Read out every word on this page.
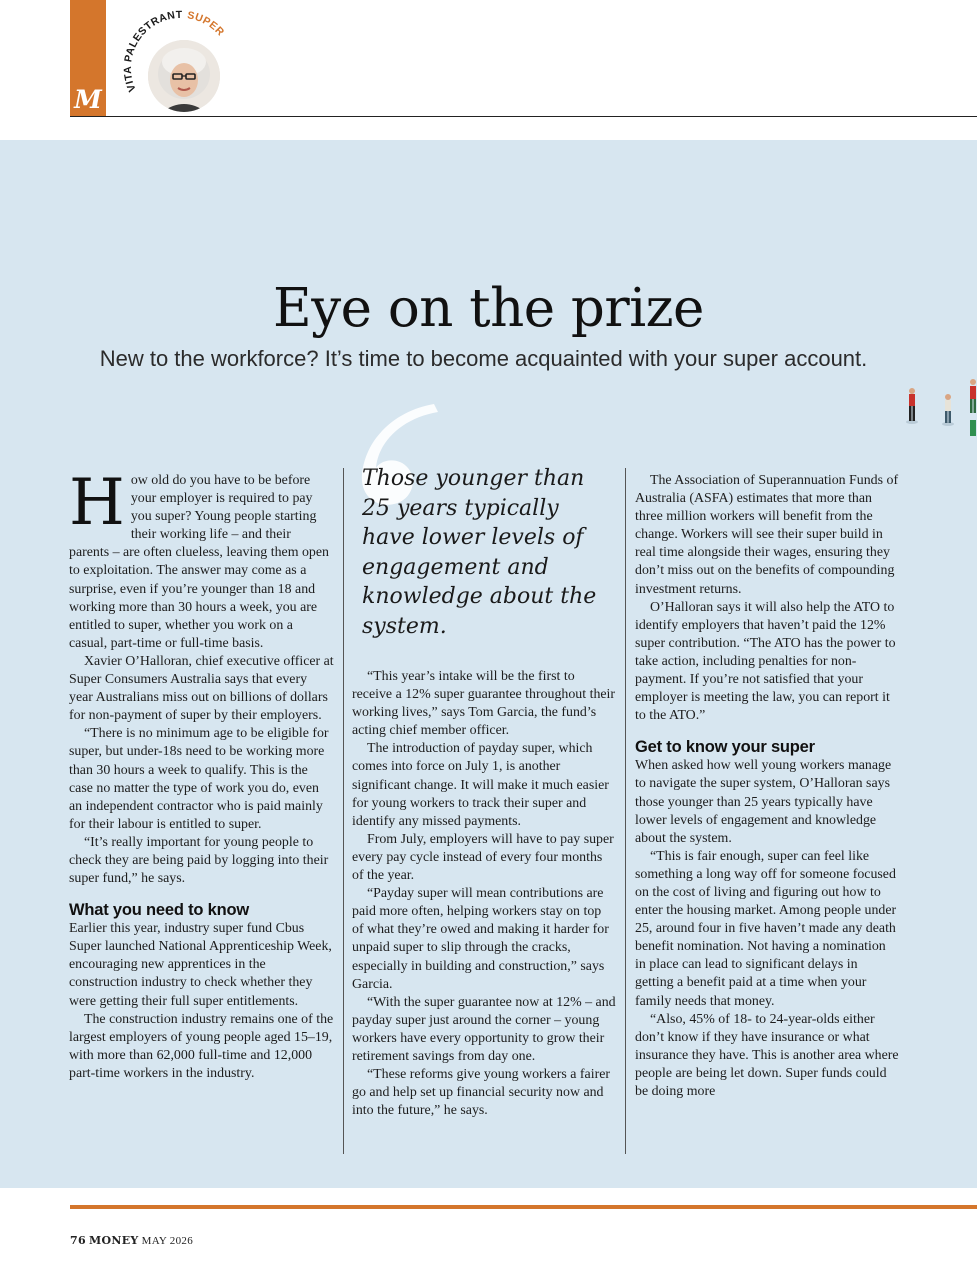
M	VITA PALESTRANT SUPER
Eye on the prize

New to the workforce? It’s time to become acquainted with your super account.

How old do you have to be before your employer is required to pay you super? Young people starting their working life – and their parents – are often clueless, leaving them open to exploitation. The answer may come as a surprise, even if you’re younger than 18 and working more than 30 hours a week, you are entitled to super, whether you work on a casual, part-time or full-time basis.

Xavier O’Halloran, chief executive officer at Super Consumers Australia says that every year Australians miss out on billions of dollars for non-payment of super by their employers.

“There is no minimum age to be eligible for super, but under-18s need to be working more than 30 hours a week to qualify. This is the case no matter the type of work you do, even an independent contractor who is paid mainly for their labour is entitled to super.

“It’s really important for young people to check they are being paid by logging into their super fund,” he says.

What you need to know

Earlier this year, industry super fund Cbus Super launched National Apprenticeship Week, encouraging new apprentices in the construction industry to check whether they were getting their full super entitlements.

The construction industry remains one of the largest employers of young people aged 15–19, with more than 62,000 full-time and 12,000 part-time workers in the industry.

Those younger than 25 years typically have lower levels of engagement and knowledge about the system.

“This year’s intake will be the first to receive a 12% super guarantee throughout their working lives,” says Tom Garcia, the fund’s acting chief member officer.

The introduction of payday super, which comes into force on July 1, is another significant change. It will make it much easier for young workers to track their super and identify any missed payments.

From July, employers will have to pay super every pay cycle instead of every four months of the year.

“Payday super will mean contributions are paid more often, helping workers stay on top of what they’re owed and making it harder for unpaid super to slip through the cracks, especially in building and construction,” says Garcia.

“With the super guarantee now at 12% – and payday super just around the corner – young workers have every opportunity to grow their retirement savings from day one.

“These reforms give young workers a fairer go and help set up financial security now and into the future,” he says.

The Association of Superannuation Funds of Australia (ASFA) estimates that more than three million workers will benefit from the change. Workers will see their super build in real time alongside their wages, ensuring they don’t miss out on the benefits of compounding investment returns.

O’Halloran says it will also help the ATO to identify employers that haven’t paid the 12% super contribution. “The ATO has the power to take action, including penalties for non-payment. If you’re not satisfied that your employer is meeting the law, you can report it to the ATO.”

Get to know your super

When asked how well young workers manage to navigate the super system, O’Halloran says those younger than 25 years typically have lower levels of engagement and knowledge about the system.

“This is fair enough, super can feel like something a long way off for someone focused on the cost of living and figuring out how to enter the housing market. Among people under 25, around four in five haven’t made any death benefit nomination. Not having a nomination in place can lead to significant delays in getting a benefit paid at a time when your family needs that money.

“Also, 45% of 18- to 24-year-olds either don’t know if they have insurance or what insurance they have. This is another area where people are being let down. Super funds could be doing more

76 MONEY MAY 2026
